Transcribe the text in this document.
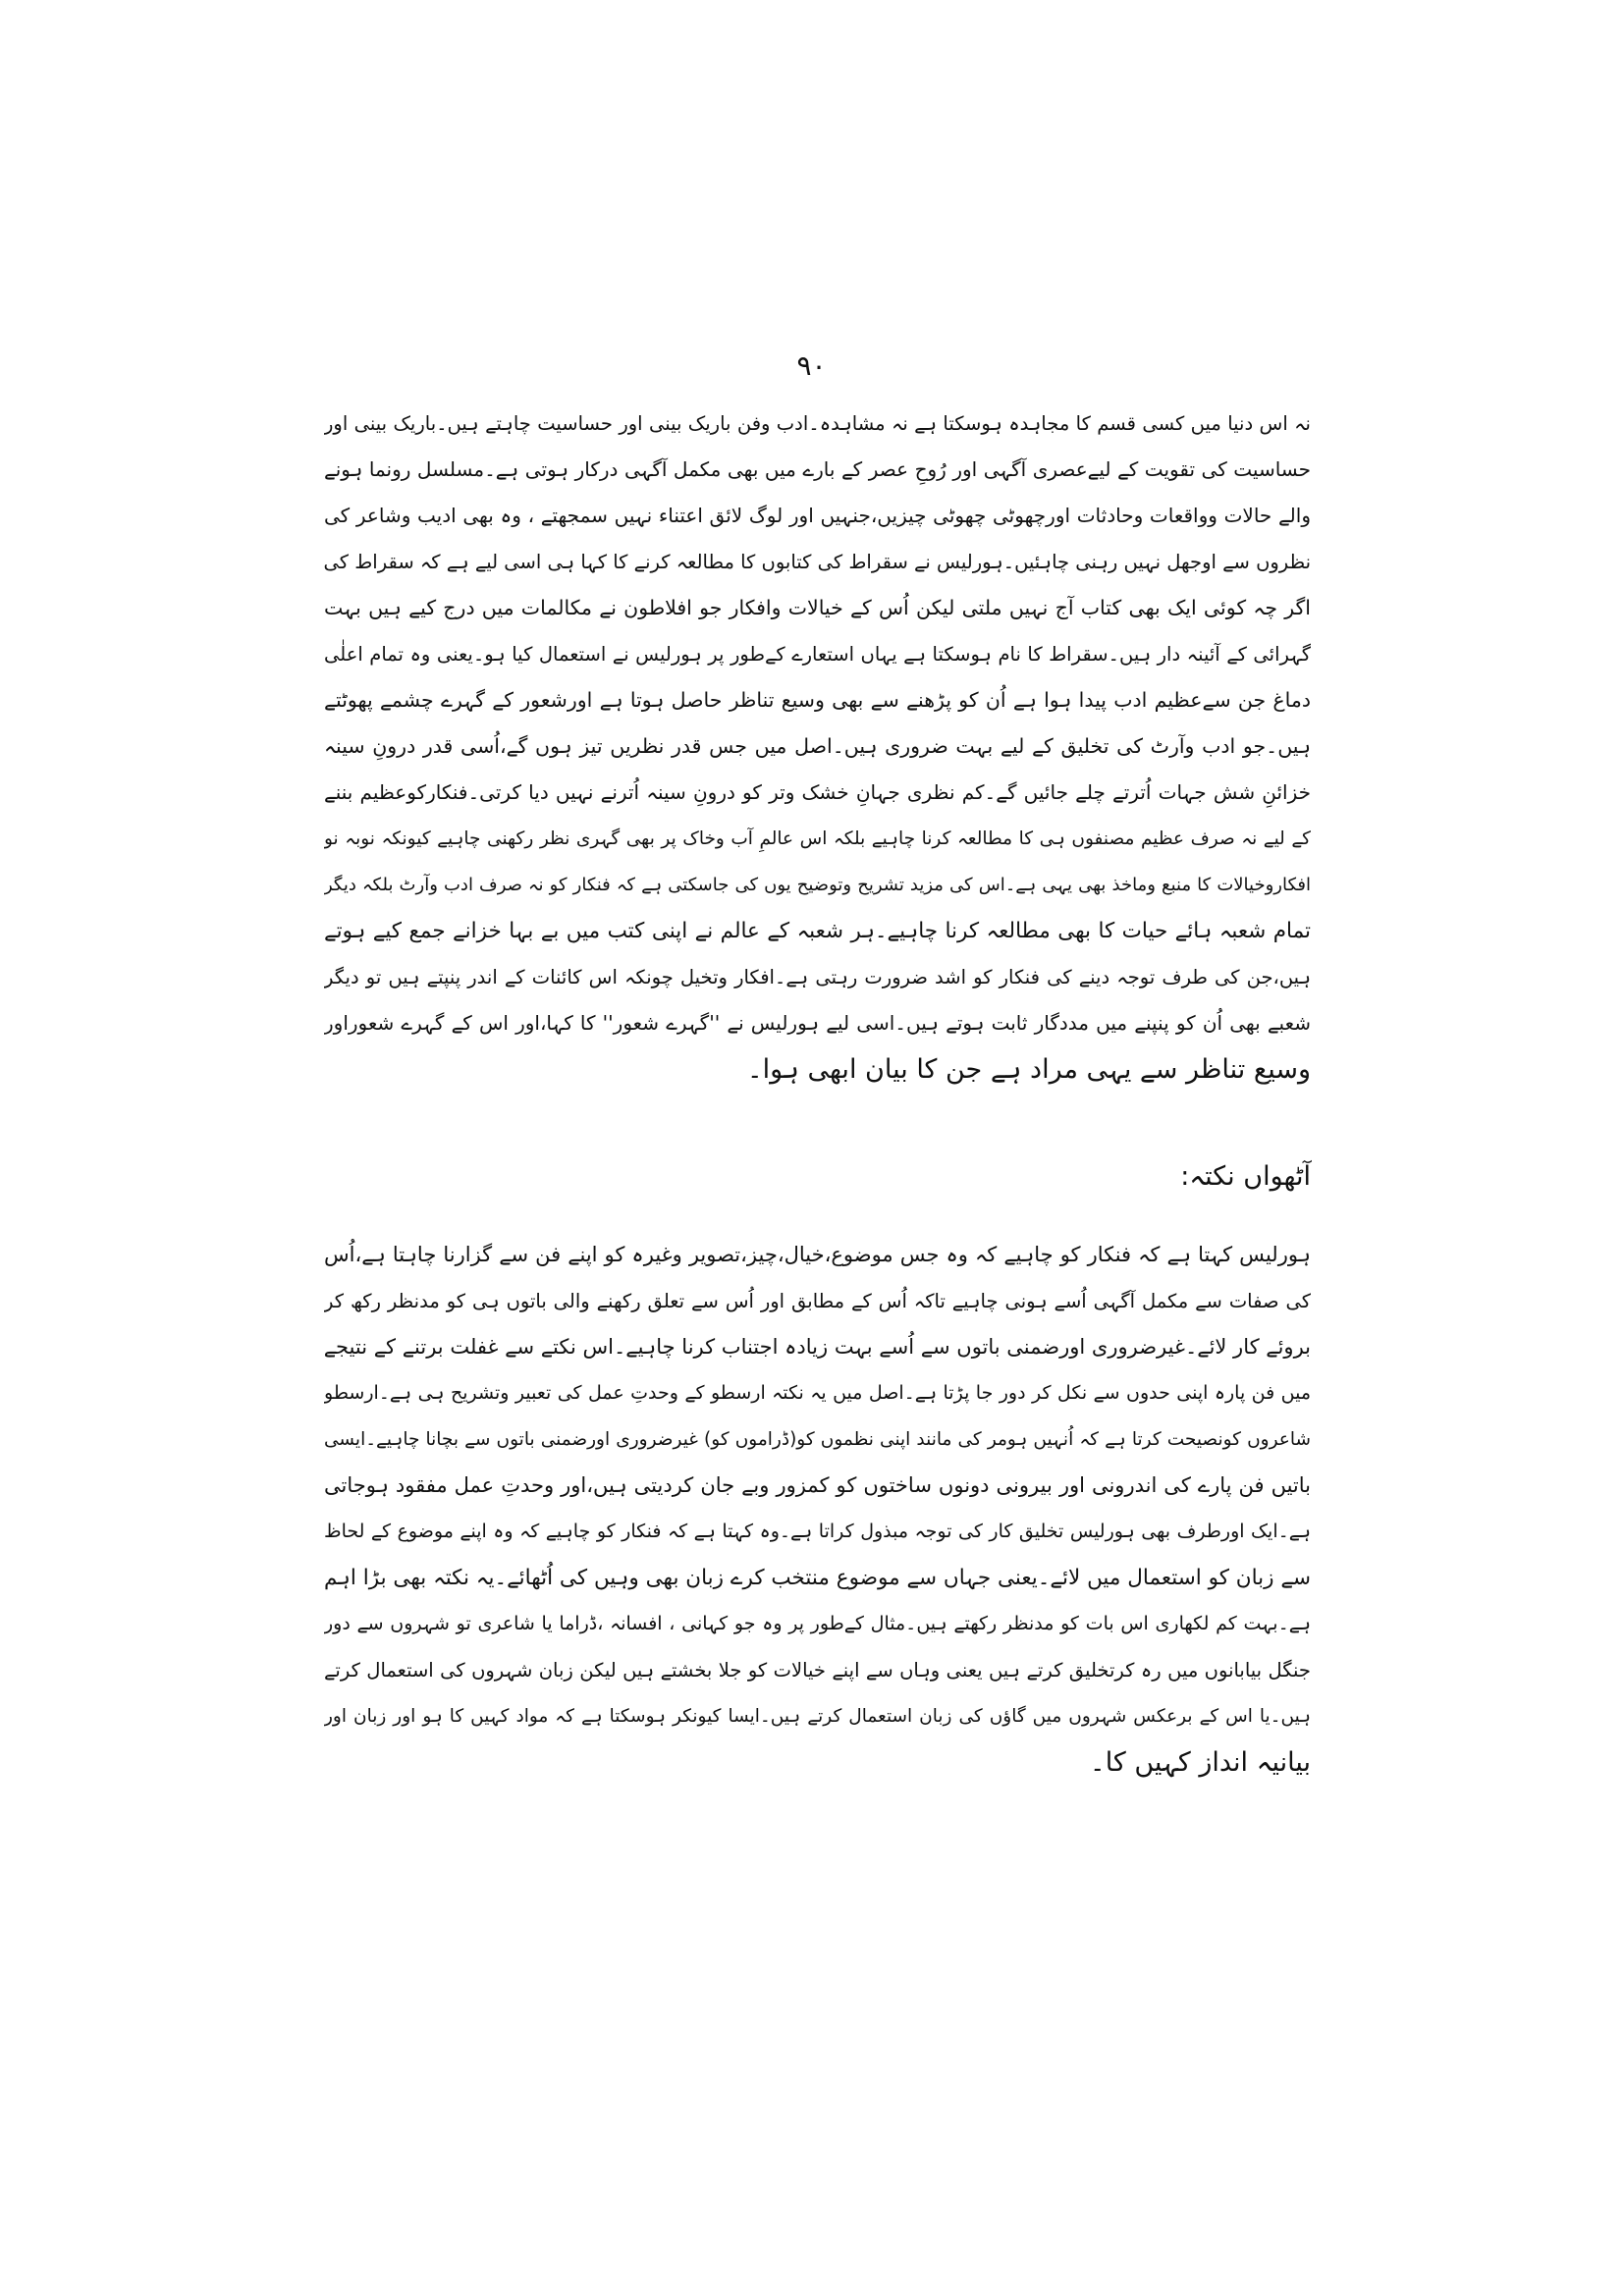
۹۰
نہ اس دنیا میں کسی قسم کا مجاہدہ ہوسکتا ہے نہ مشاہدہ۔ادب وفن باریک بینی اور حساسیت چاہتے ہیں۔باریک بینی اور
حساسیت کی تقویت کے لیےعصری آگہی اور رُوحِ عصر کے بارے میں بھی مکمل آگہی درکار ہوتی ہے۔مسلسل رونما ہونے
والے حالات وواقعات وحادثات اورچھوٹی چھوٹی چیزیں،جنہیں اور لوگ لائق اعتناء نہیں سمجھتے ، وہ بھی ادیب وشاعر کی
نظروں سے اوجھل نہیں رہنی چاہئیں۔ہورلیس نے سقراط کی کتابوں کا مطالعہ کرنے کا کہا ہی اسی لیے ہے کہ سقراط کی
اگر چہ کوئی ایک بھی کتاب آج نہیں ملتی لیکن اُس کے خیالات وافکار جو افلاطون نے مکالمات میں درج کیے ہیں بہت
گہرائی کے آئینہ دار ہیں۔سقراط کا نام ہوسکتا ہے یہاں استعارے کےطور پر ہورلیس نے استعمال کیا ہو۔یعنی وہ تمام اعلٰی
دماغ جن سےعظیم ادب پیدا ہوا ہے اُن کو پڑھنے سے بھی وسیع تناظر حاصل ہوتا ہے اورشعور کے گہرے چشمے پھوٹتے
ہیں۔جو ادب وآرٹ کی تخلیق کے لیے بہت ضروری ہیں۔اصل میں جس قدر نظریں تیز ہوں گے،اُسی قدر درونِ سینہ
خزائنِ شش جہات اُترتے چلے جائیں گے۔کم نظری جہانِ خشک وتر کو درونِ سینہ اُترنے نہیں دیا کرتی۔فنکارکوعظیم بننے
کے لیے نہ صرف عظیم مصنفوں ہی کا مطالعہ کرنا چاہیے بلکہ اس عالمِ آب وخاک پر بھی گہری نظر رکھنی چاہیے کیونکہ نوبہ نو
افکاروخیالات کا منبع وماخذ بھی یہی ہے۔اس کی مزید تشریح وتوضیح یوں کی جاسکتی ہے کہ فنکار کو نہ صرف ادب وآرٹ بلکہ دیگر
تمام شعبہ ہائے حیات کا بھی مطالعہ کرنا چاہیے۔ہر شعبہ کے عالم نے اپنی کتب میں بے بہا خزانے جمع کیے ہوتے
ہیں،جن کی طرف توجہ دینے کی فنکار کو اشد ضرورت رہتی ہے۔افکار وتخیل چونکہ اس کائنات کے اندر پنپتے ہیں تو دیگر
شعبے بھی اُن کو پنپنے میں مددگار ثابت ہوتے ہیں۔اسی لیے ہورلیس نے ''گہرے شعور'' کا کہا،اور اس کے گہرے شعوراور
وسیع تناظر سے یہی مراد ہے جن کا بیان ابھی ہوا۔
آٹھواں نکتہ:
ہورلیس کہتا ہے کہ فنکار کو چاہیے کہ وہ جس موضوع،خیال،چیز،تصویر وغیرہ کو اپنے فن سے گزارنا چاہتا ہے،اُس
کی صفات سے مکمل آگہی اُسے ہونی چاہیے تاکہ اُس کے مطابق اور اُس سے تعلق رکھنے والی باتوں ہی کو مدنظر رکھ کر
بروئے کار لائے۔غیرضروری اورضمنی باتوں سے اُسے بہت زیادہ اجتناب کرنا چاہیے۔اس نکتے سے غفلت برتنے کے نتیجے
میں فن پارہ اپنی حدوں سے نکل کر دور جا پڑتا ہے۔اصل میں یہ نکتہ ارسطو کے وحدتِ عمل کی تعبیر وتشریح ہی ہے۔ارسطو
شاعروں کونصیحت کرتا ہے کہ اُنہیں ہومر کی مانند اپنی نظموں کو(ڈراموں کو) غیرضروری اورضمنی باتوں سے بچانا چاہیے۔ایسی
باتیں فن پارے کی اندرونی اور بیرونی دونوں ساختوں کو کمزور وبے جان کردیتی ہیں،اور وحدتِ عمل مفقود ہوجاتی
ہے۔ایک اورطرف بھی ہورلیس تخلیق کار کی توجہ مبذول کراتا ہے۔وہ کہتا ہے کہ فنکار کو چاہیے کہ وہ اپنے موضوع کے لحاظ
سے زبان کو استعمال میں لائے۔یعنی جہاں سے موضوع منتخب کرے زبان بھی وہیں کی اُٹھائے۔یہ نکتہ بھی بڑا اہم
ہے۔بہت کم لکھاری اس بات کو مدنظر رکھتے ہیں۔مثال کےطور پر وہ جو کہانی ، افسانہ ،ڈراما یا شاعری تو شہروں سے دور
جنگل بیابانوں میں رہ کرتخلیق کرتے ہیں یعنی وہاں سے اپنے خیالات کو جلا بخشتے ہیں لیکن زبان شہروں کی استعمال کرتے
ہیں۔یا اس کے برعکس شہروں میں گاؤں کی زبان استعمال کرتے ہیں۔ایسا کیونکر ہوسکتا ہے کہ مواد کہیں کا ہو اور زبان اور
بیانیہ انداز کہیں کا۔
